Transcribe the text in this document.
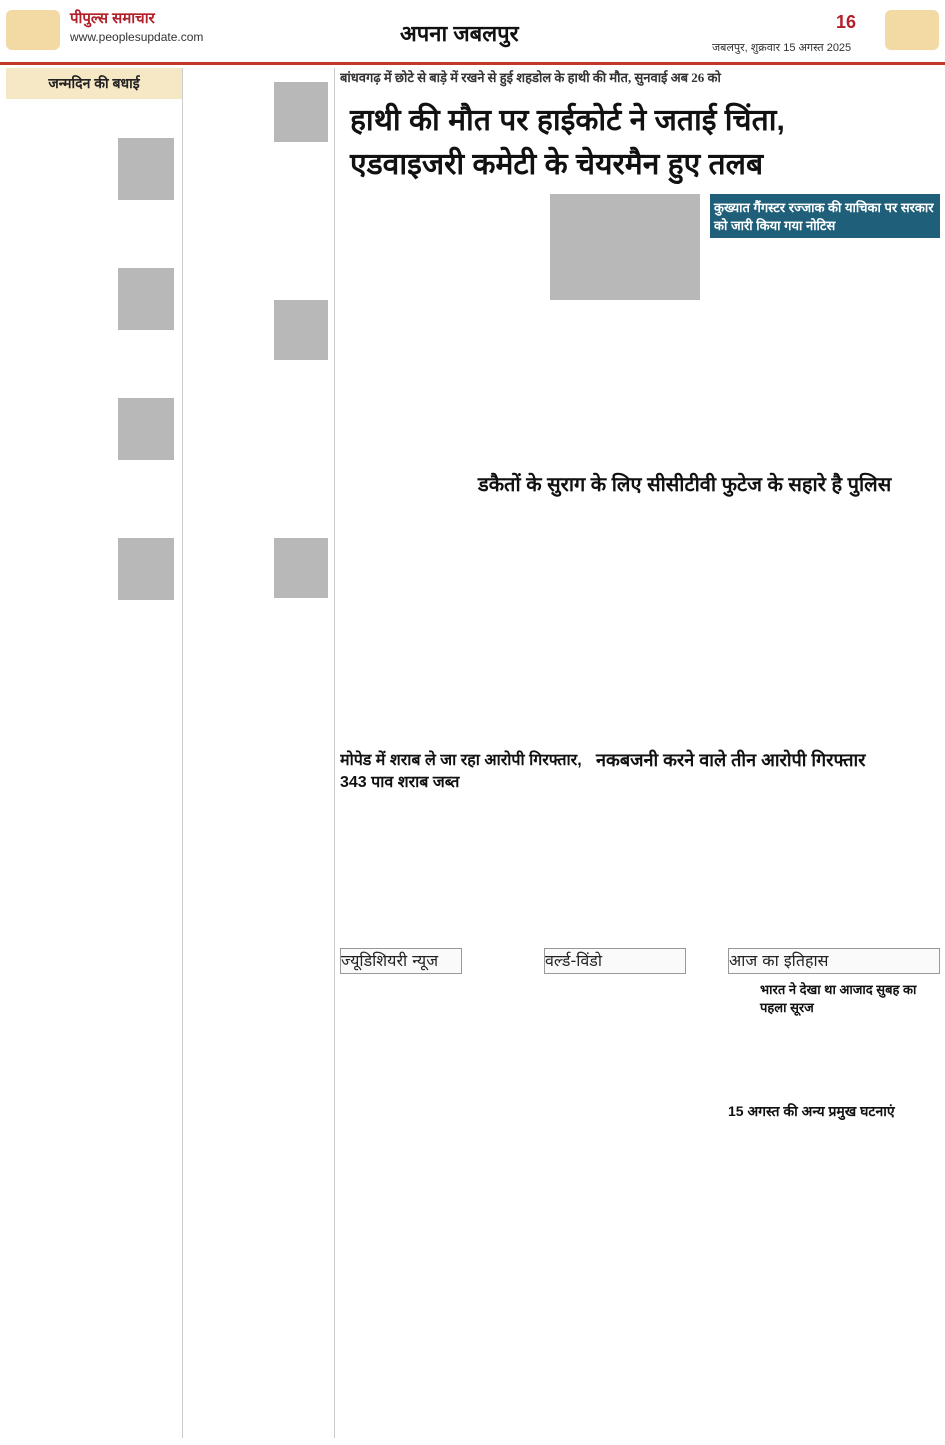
पीपुल्स समाचार
www.peoplesupdate.com	अपना जबलपुर	16
जबलपुर, शुक्रवार 15 अगस्त 2025
जन्मदिन की बधाई	बांधवगढ़ में छोटे से बाड़े में रखने से हुई शहडोल के हाथी की मौत, सुनवाई अब 26 को
हाथी की मौत पर हाईकोर्ट ने जताई चिंता,
एडवाइजरी कमेटी के चेयरमैन हुए तलब
कुख्यात गैंगस्टर रज्जाक की याचिका पर सरकार को जारी किया गया नोटिस
डकैतों के सुराग के लिए सीसीटीवी फुटेज के सहारे है पुलिस
मोपेड में शराब ले जा रहा आरोपी गिरफ्तार, 343 पाव शराब जब्त
नकबजनी करने वाले तीन आरोपी गिरफ्तार
ज्यूडिशियरी न्यूज	वर्ल्ड-विंडो	आज का इतिहास
भारत ने देखा था आजाद सुबह का पहला सूरज
15 अगस्त की अन्य प्रमुख घटनाएं
